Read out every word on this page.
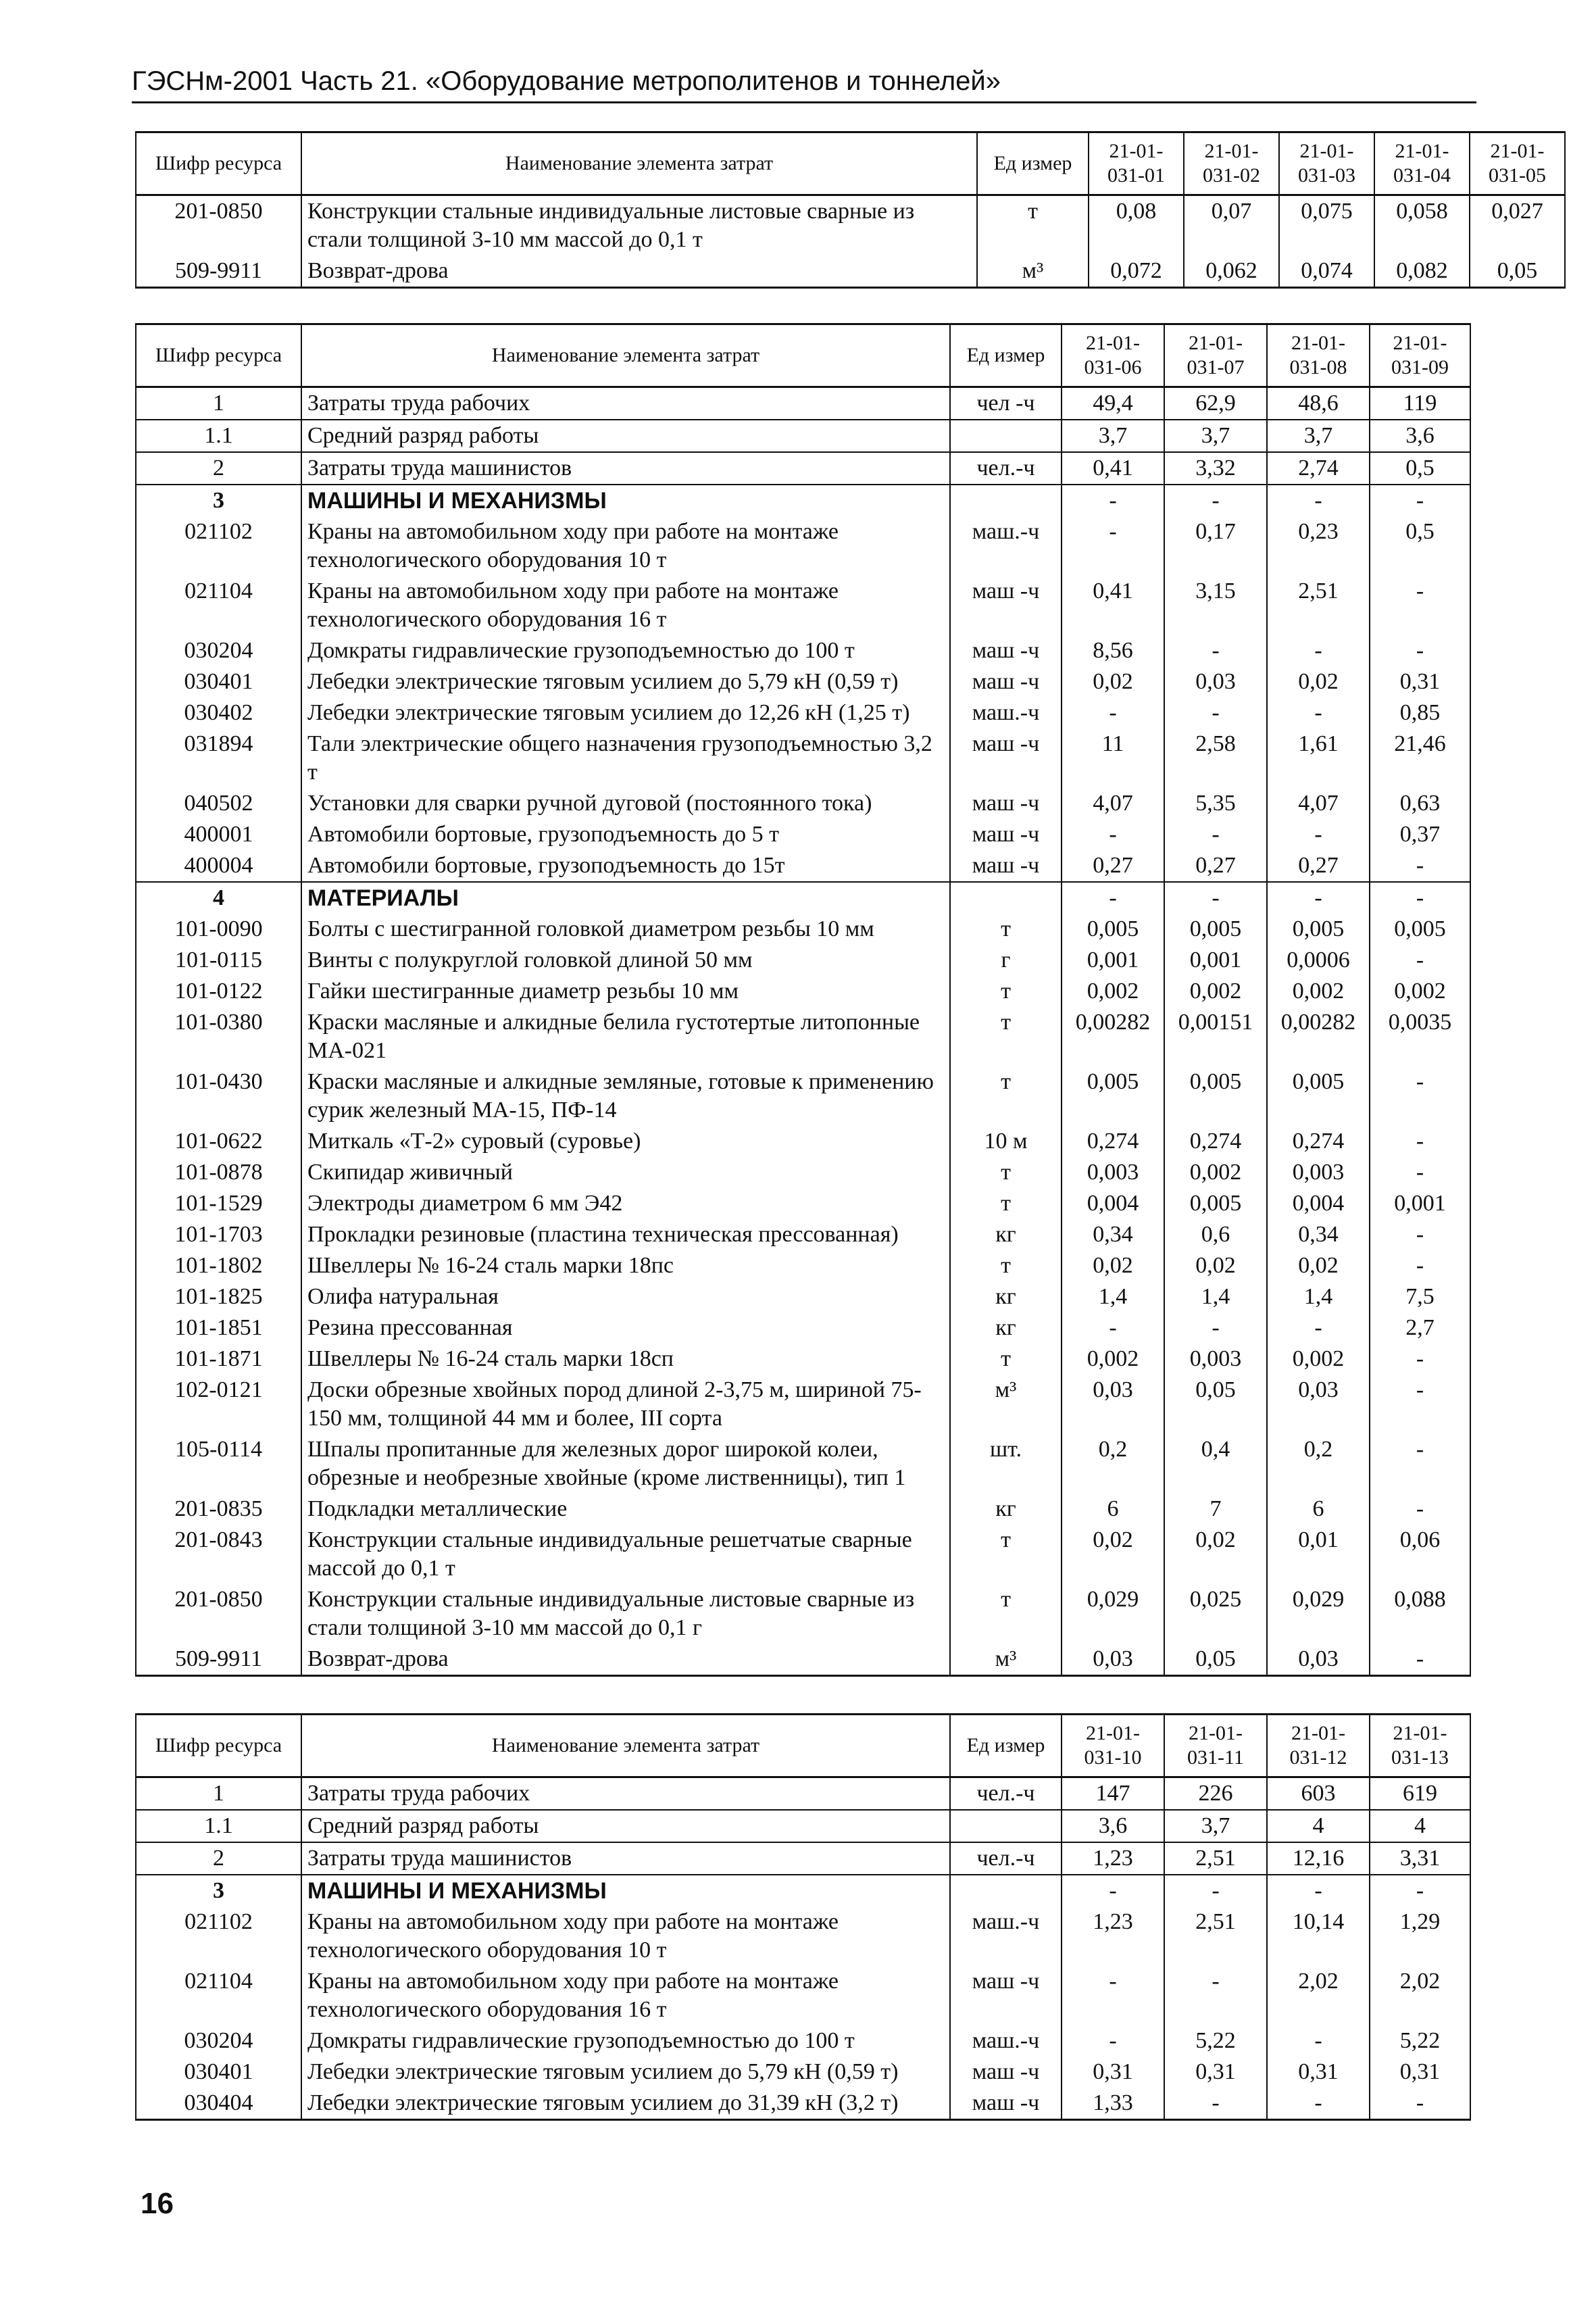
ГЭСНм-2001 Часть 21. «Оборудование метрополитенов и тоннелей»
Шифр ресурса	Наименование элемента затрат	Ед измер	21-01-031-01	21-01-031-02	21-01-031-03	21-01-031-04	21-01-031-05
201-0850	Конструкции стальные индивидуальные листовые сварные из стали толщиной 3-10 мм массой до 0,1 т	т	0,08	0,07	0,075	0,058	0,027
509-9911	Возврат-дрова	м³	0,072	0,062	0,074	0,082	0,05
Шифр ресурса	Наименование элемента затрат	Ед измер	21-01-031-06	21-01-031-07	21-01-031-08	21-01-031-09
1	Затраты труда рабочих	чел -ч	49,4	62,9	48,6	119
1.1	Средний разряд работы		3,7	3,7	3,7	3,6
2	Затраты труда машинистов	чел.-ч	0,41	3,32	2,74	0,5
3	МАШИНЫ И МЕХАНИЗМЫ		-	-	-	-
021102	Краны на автомобильном ходу при работе на монтаже технологического оборудования 10 т	маш.-ч	-	0,17	0,23	0,5
021104	Краны на автомобильном ходу при работе на монтаже технологического оборудования 16 т	маш -ч	0,41	3,15	2,51	-
030204	Домкраты гидравлические грузоподъемностью до 100 т	маш -ч	8,56	-	-	-
030401	Лебедки электрические тяговым усилием до 5,79 кН (0,59 т)	маш -ч	0,02	0,03	0,02	0,31
030402	Лебедки электрические тяговым усилием до 12,26 кН (1,25 т)	маш.-ч	-	-	-	0,85
031894	Тали электрические общего назначения грузоподъемностью 3,2 т	маш -ч	11	2,58	1,61	21,46
040502	Установки для сварки ручной дуговой (постоянного тока)	маш -ч	4,07	5,35	4,07	0,63
400001	Автомобили бортовые, грузоподъемность до 5 т	маш -ч	-	-	-	0,37
400004	Автомобили бортовые, грузоподъемность до 15т	маш -ч	0,27	0,27	0,27	-
4	МАТЕРИАЛЫ		-	-	-	-
101-0090	Болты с шестигранной головкой диаметром резьбы 10 мм	т	0,005	0,005	0,005	0,005
101-0115	Винты с полукруглой головкой длиной 50 мм	г	0,001	0,001	0,0006	-
101-0122	Гайки шестигранные диаметр резьбы 10 мм	т	0,002	0,002	0,002	0,002
101-0380	Краски масляные и алкидные белила густотертые литопонные МА-021	т	0,00282	0,00151	0,00282	0,0035
101-0430	Краски масляные и алкидные земляные, готовые к применению сурик железный МА-15, ПФ-14	т	0,005	0,005	0,005	-
101-0622	Миткаль «Т-2» суровый (суровье)	10 м	0,274	0,274	0,274	-
101-0878	Скипидар живичный	т	0,003	0,002	0,003	-
101-1529	Электроды диаметром 6 мм Э42	т	0,004	0,005	0,004	0,001
101-1703	Прокладки резиновые (пластина техническая прессованная)	кг	0,34	0,6	0,34	-
101-1802	Швеллеры № 16-24 сталь марки 18пс	т	0,02	0,02	0,02	-
101-1825	Олифа натуральная	кг	1,4	1,4	1,4	7,5
101-1851	Резина прессованная	кг	-	-	-	2,7
101-1871	Швеллеры № 16-24 сталь марки 18сп	т	0,002	0,003	0,002	-
102-0121	Доски обрезные хвойных пород длиной 2-3,75 м, шириной 75-150 мм, толщиной 44 мм и более, III сорта	м³	0,03	0,05	0,03	-
105-0114	Шпалы пропитанные для железных дорог широкой колеи, обрезные и необрезные хвойные (кроме лиственницы), тип 1	шт.	0,2	0,4	0,2	-
201-0835	Подкладки металлические	кг	6	7	6	-
201-0843	Конструкции стальные индивидуальные решетчатые сварные массой до 0,1 т	т	0,02	0,02	0,01	0,06
201-0850	Конструкции стальные индивидуальные листовые сварные из стали толщиной 3-10 мм массой до 0,1 г	т	0,029	0,025	0,029	0,088
509-9911	Возврат-дрова	м³	0,03	0,05	0,03	-
Шифр ресурса	Наименование элемента затрат	Ед измер	21-01-031-10	21-01-031-11	21-01-031-12	21-01-031-13
1	Затраты труда рабочих	чел.-ч	147	226	603	619
1.1	Средний разряд работы		3,6	3,7	4	4
2	Затраты труда машинистов	чел.-ч	1,23	2,51	12,16	3,31
3	МАШИНЫ И МЕХАНИЗМЫ		-	-	-	-
021102	Краны на автомобильном ходу при работе на монтаже технологического оборудования 10 т	маш.-ч	1,23	2,51	10,14	1,29
021104	Краны на автомобильном ходу при работе на монтаже технологического оборудования 16 т	маш -ч	-	-	2,02	2,02
030204	Домкраты гидравлические грузоподъемностью до 100 т	маш.-ч	-	5,22	-	5,22
030401	Лебедки электрические тяговым усилием до 5,79 кН (0,59 т)	маш -ч	0,31	0,31	0,31	0,31
030404	Лебедки электрические тяговым усилием до 31,39 кН (3,2 т)	маш -ч	1,33	-	-	-
16
